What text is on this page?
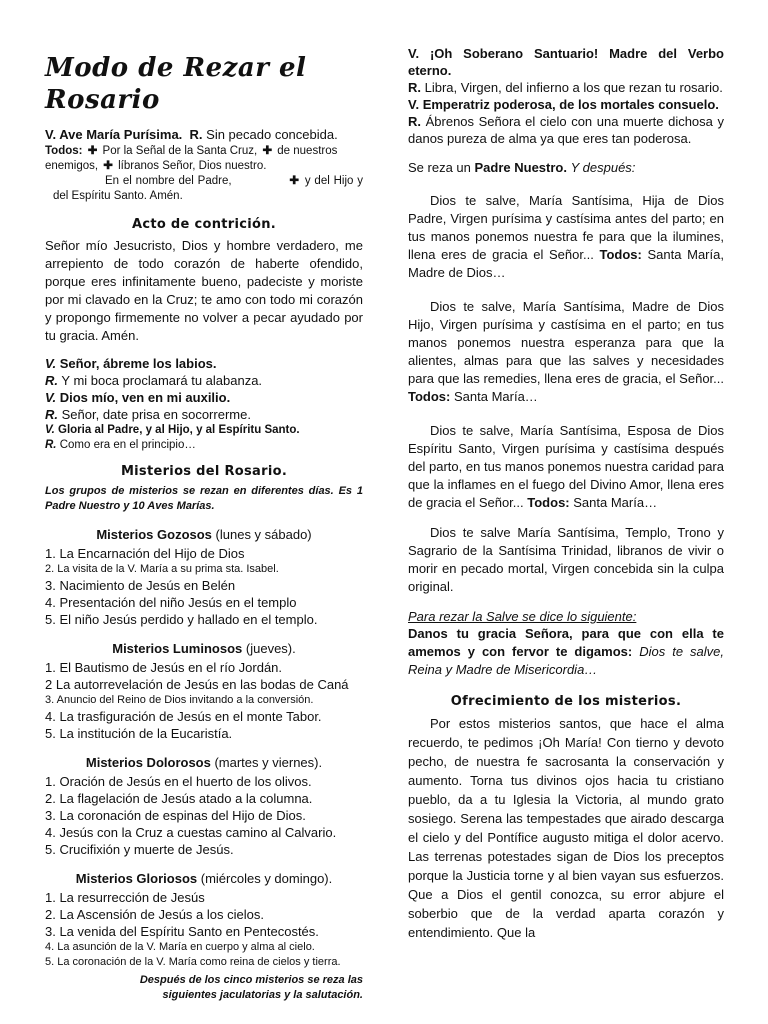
Modo de Rezar el Rosario

V. Ave María Purísima. R. Sin pecado concebida.

Todos: ✚ Por la Señal de la Santa Cruz, ✚ de nuestros enemigos, ✚ líbranos Señor, Dios nuestro.

En el nombre del Padre,	✚ y del Hijo y del Espíritu Santo. Amén.

Acto de contrición.

Señor mío Jesucristo, Dios y hombre verdadero, me arrepiento de todo corazón de haberte ofendido, porque eres infinitamente bueno, padeciste y moriste por mi clavado en la Cruz; te amo con todo mi corazón y propongo firmemente no volver a pecar ayudado por tu gracia. Amén.

V. Señor, ábreme los labios.

R. Y mi boca proclamará tu alabanza.

V. Dios mío, ven en mi auxilio.

R. Señor, date prisa en socorrerme.

V. Gloria al Padre, y al Hijo, y al Espíritu Santo.

R. Como era en el principio…

Misterios del Rosario.

Los grupos de misterios se rezan en diferentes días. Es 1 Padre Nuestro y 10 Aves Marías.

Misterios Gozosos (lunes y sábado)

1. La Encarnación del Hijo de Dios

2. La visita de la V. María a su prima sta. Isabel.

3. Nacimiento de Jesús en Belén

4. Presentación del niño Jesús en el templo

5. El niño Jesús perdido y hallado en el templo.

Misterios Luminosos (jueves).

1. El Bautismo de Jesús en el río Jordán.

2 La autorrevelación de Jesús en las bodas de Caná

3. Anuncio del Reino de Dios invitando a la conversión.

4. La trasfiguración de Jesús en el monte Tabor.

5. La institución de la Eucaristía.

Misterios Dolorosos (martes y viernes).

1. Oración de Jesús en el huerto de los olivos.

2. La flagelación de Jesús atado a la columna.

3. La coronación de espinas del Hijo de Dios.

4. Jesús con la Cruz a cuestas camino al Calvario.

5. Crucifixión y muerte de Jesús.

Misterios Gloriosos (miércoles y domingo).

1. La resurrección de Jesús

2. La Ascensión de Jesús a los cielos.

3. La venida del Espíritu Santo en Pentecostés.

4. La asunción de la V. María en cuerpo y alma al cielo.

5. La coronación de la V. María como reina de cielos y tierra.

Después de los cinco misterios se reza las siguientes jaculatorias y la salutación.

V. ¡Oh Soberano Santuario! Madre del Verbo eterno.

R. Libra, Virgen, del infierno a los que rezan tu rosario.

V. Emperatriz poderosa, de los mortales consuelo.

R. Ábrenos Señora el cielo con una muerte dichosa y danos pureza de alma ya que eres tan poderosa.

Se reza un Padre Nuestro. Y después:

Dios te salve, María Santísima, Hija de Dios Padre, Virgen purísima y castísima antes del parto; en tus manos ponemos nuestra fe para que la ilumines, llena eres de gracia el Señor... Todos: Santa María, Madre de Dios…

Dios te salve, María Santísima, Madre de Dios Hijo, Virgen purísima y castísima en el parto; en tus manos ponemos nuestra esperanza para que la alientes, almas para que las salves y necesidades para que las remedies, llena eres de gracia, el Señor... Todos: Santa María…

Dios te salve, María Santísima, Esposa de Dios Espíritu Santo, Virgen purísima y castísima después del parto, en tus manos ponemos nuestra caridad para que la inflames en el fuego del Divino Amor, llena eres de gracia el Señor... Todos: Santa María…

Dios te salve María Santísima, Templo, Trono y Sagrario de la Santísima Trinidad, libranos de vivir o morir en pecado mortal, Virgen concebida sin la culpa original.

Para rezar la Salve se dice lo siguiente:

Danos tu gracia Señora, para que con ella te amemos y con fervor te digamos: Dios te salve, Reina y Madre de Misericordia…

Ofrecimiento de los misterios.

Por estos misterios santos, que hace el alma recuerdo, te pedimos ¡Oh María! Con tierno y devoto pecho, de nuestra fe sacrosanta la conservación y aumento. Torna tus divinos ojos hacia tu cristiano pueblo, da a tu Iglesia la Victoria, al mundo grato sosiego. Serena las tempestades que airado descarga el cielo y del Pontífice augusto mitiga el dolor acervo. Las terrenas potestades sigan de Dios los preceptos porque la Justicia torne y al bien vayan sus esfuerzos. Que a Dios el gentil conozca, su error abjure el soberbio que de la verdad aparta corazón y entendimiento. Que la
